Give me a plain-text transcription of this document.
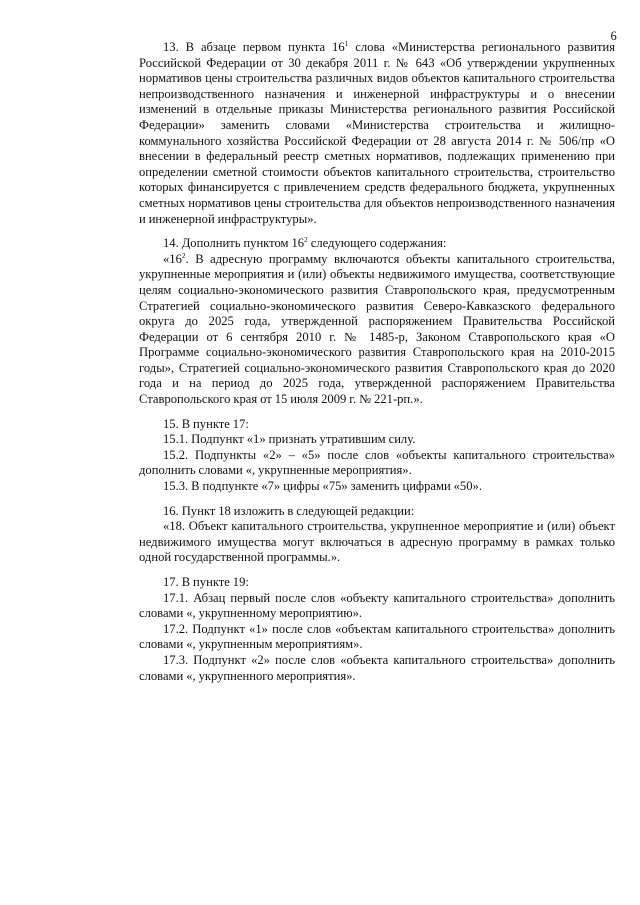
6

13. В абзаце первом пункта $16^1$ слова «Министерства регионального развития Российской Федерации от 30 декабря 2011 г. № 643 «Об утверждении укрупненных нормативов цены строительства различных видов объектов капитального строительства непроизводственного назначения и инженерной инфраструктуры и о внесении изменений в отдельные приказы Министерства регионального развития Российской Федерации» заменить словами «Министерства строительства и жилищно-коммунального хозяйства Российской Федерации от 28 августа 2014 г. № 506/пр «О внесении в федеральный реестр сметных нормативов, подлежащих применению при определении сметной стоимости объектов капитального строительства, строительство которых финансируется с привлечением средств федерального бюджета, укрупненных сметных нормативов цены строительства для объектов непроизводственного назначения и инженерной инфраструктуры».

14. Дополнить пунктом $16^2$ следующего содержания:

«$16^2$. В адресную программу включаются объекты капитального строительства, укрупненные мероприятия и (или) объекты недвижимого имущества, соответствующие целям социально-экономического развития Ставропольского края, предусмотренным Стратегией социально-экономического развития Северо-Кавказского федерального округа до 2025 года, утвержденной распоряжением Правительства Российской Федерации от 6 сентября 2010 г. № 1485-р, Законом Ставропольского края «О Программе социально-экономического развития Ставропольского края на 2010-2015 годы», Стратегией социально-экономического развития Ставропольского края до 2020 года и на период до 2025 года, утвержденной распоряжением Правительства Ставропольского края от 15 июля 2009 г. № 221-рп.».

15. В пункте 17:

15.1. Подпункт «1» признать утратившим силу.

15.2. Подпункты «2» – «5» после слов «объекты капитального строительства» дополнить словами «, укрупненные мероприятия».

15.3. В подпункте «7» цифры «75» заменить цифрами «50».

16. Пункт 18 изложить в следующей редакции:

«18. Объект капитального строительства, укрупненное мероприятие и (или) объект недвижимого имущества могут включаться в адресную программу в рамках только одной государственной программы.».

17. В пункте 19:

17.1. Абзац первый после слов «объекту капитального строительства» дополнить словами «, укрупненному мероприятию».

17.2. Подпункт «1» после слов «объектам капитального строительства» дополнить словами «, укрупненным мероприятиям».

17.3. Подпункт «2» после слов «объекта капитального строительства» дополнить словами «, укрупненного мероприятия».
